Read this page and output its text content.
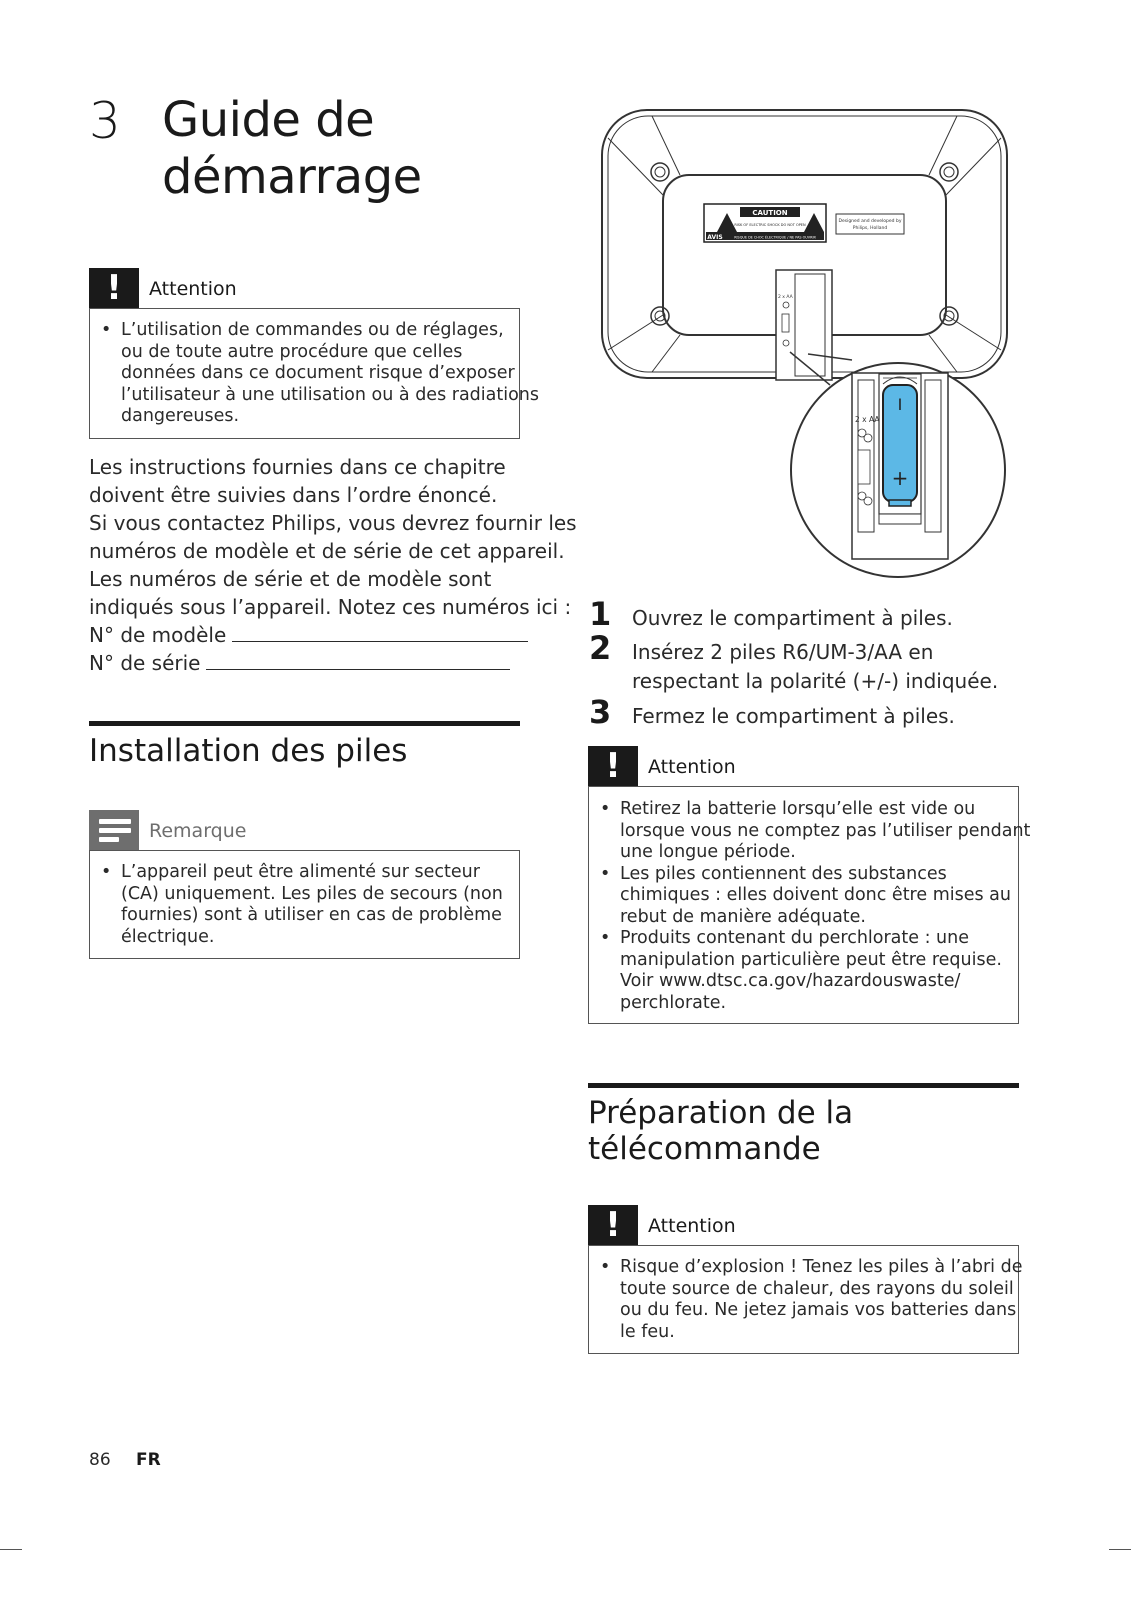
3 Guide de
démarrage
!	Attention
• L’utilisation de commandes ou de réglages,
ou de toute autre procédure que celles
données dans ce document risque d’exposer
l’utilisateur à une utilisation ou à des radiations
dangereuses.
Les instructions fournies dans ce chapitre
doivent être suivies dans l’ordre énoncé.
Si vous contactez Philips, vous devrez fournir les
numéros de modèle et de série de cet appareil.
Les numéros de série et de modèle sont
indiqués sous l’appareil. Notez ces numéros ici :
N° de modèle
N° de série
Installation des piles
Remarque
• L’appareil peut être alimenté sur secteur
(CA) uniquement. Les piles de secours (non
fournies) sont à utiliser en cas de problème
électrique.
CAUTION
RISK OF ELECTRIC SHOCK DO NOT OPEN
AVIS	RISQUE DE CHOC ÉLECTRIQUE / NE PAS OUVRIR
Designed and developed by
Philips, Holland
2 x AA
I
+
2 x AA
1 Ouvrez le compartiment à piles.
2 Insérez 2 piles R6/UM-3/AA en
respectant la polarité (+/-) indiquée.
3 Fermez le compartiment à piles.
!	Attention
• Retirez la batterie lorsqu’elle est vide ou
lorsque vous ne comptez pas l’utiliser pendant
une longue période.
• Les piles contiennent des substances
chimiques : elles doivent donc être mises au
rebut de manière adéquate.
• Produits contenant du perchlorate : une
manipulation particulière peut être requise.
Voir www.dtsc.ca.gov/hazardouswaste/
perchlorate.
Préparation de la
télécommande
!	Attention
• Risque d’explosion ! Tenez les piles à l’abri de
toute source de chaleur, des rayons du soleil
ou du feu. Ne jetez jamais vos batteries dans
le feu.
86 FR
